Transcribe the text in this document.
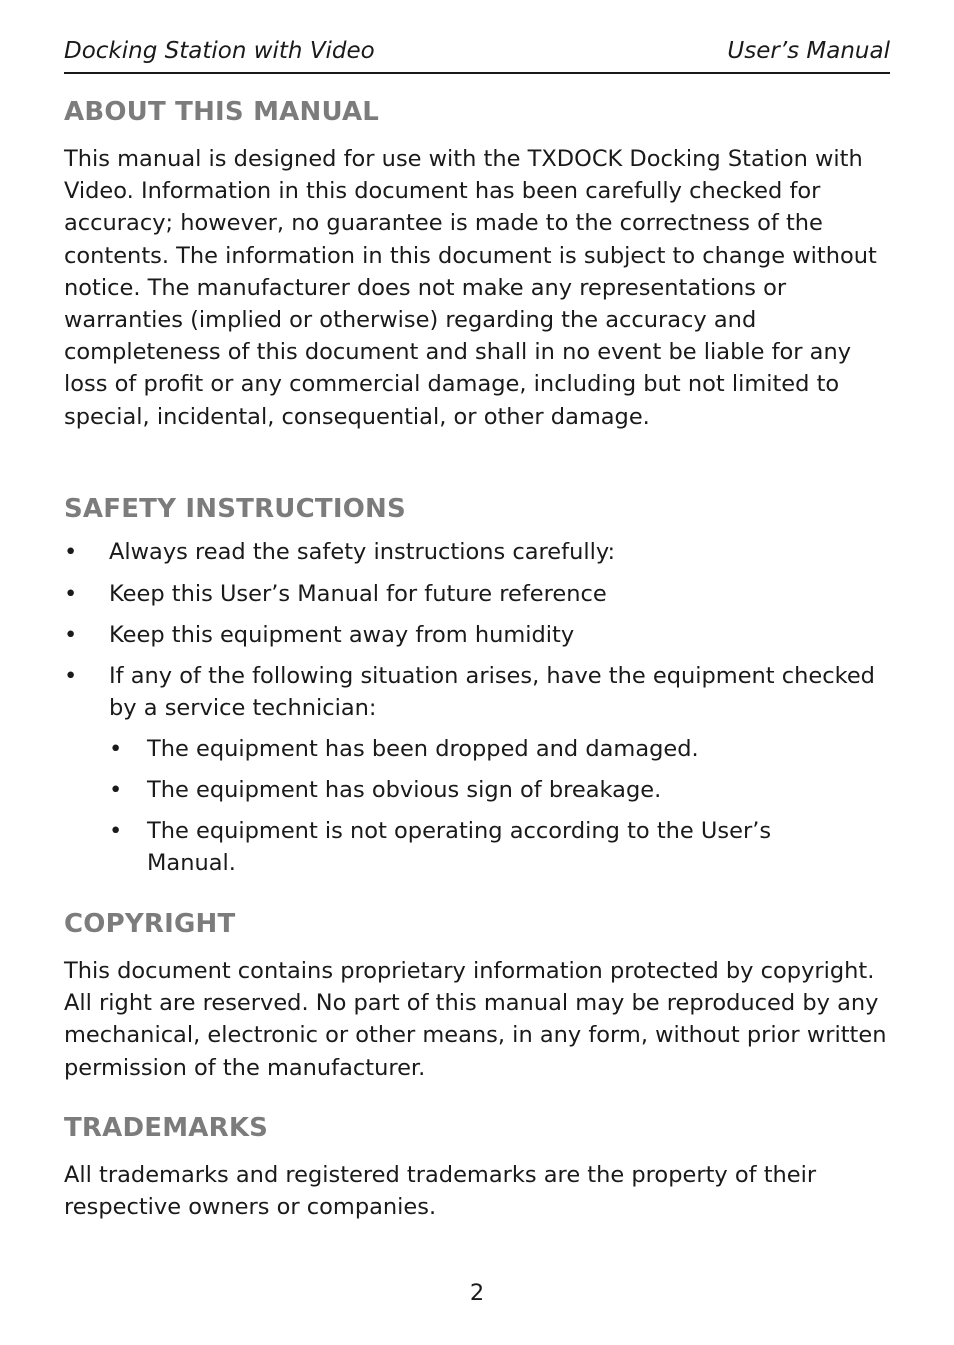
Docking Station with Video	User’s Manual
ABOUT THIS MANUAL

This manual is designed for use with the TXDOCK Docking Station with Video. Information in this document has been carefully checked for accuracy; however, no guarantee is made to the correctness of the contents. The information in this document is subject to change without notice. The manufacturer does not make any representations or warranties (implied or otherwise) regarding the accuracy and completeness of this document and shall in no event be liable for any loss of profit or any commercial damage, including but not limited to special, incidental, consequential, or other damage.

SAFETY INSTRUCTIONS
• Always read the safety instructions carefully:
• Keep this User’s Manual for future reference
• Keep this equipment away from humidity
• If any of the following situation arises, have the equipment checked by a service technician:
• The equipment has been dropped and damaged.
• The equipment has obvious sign of breakage.
• The equipment is not operating according to the User’s Manual.
COPYRIGHT

This document contains proprietary information protected by copyright. All right are reserved. No part of this manual may be reproduced by any mechanical, electronic or other means, in any form, without prior written permission of the manufacturer.

TRADEMARKS

All trademarks and registered trademarks are the property of their respective owners or companies.

2
